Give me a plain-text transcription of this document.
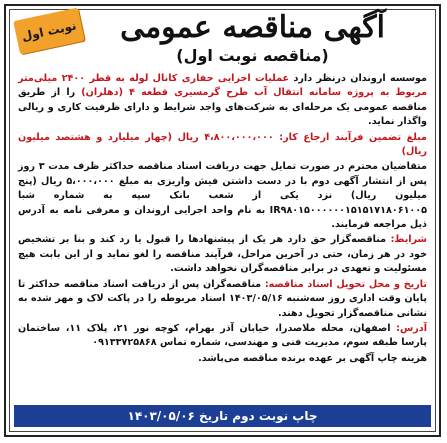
نوبت اول	آگهی مناقصه عمومی
(مناقصه نوبت اول)

موسسه اروندان درنظر دارد عملیات اجرایی حفاری کانال لوله به قطر ۲۴۰۰ میلی‌متر مربوط به پروژه سامانه انتقال آب طرح گرمسیری قطعه ۴ (دهلران) را از طریق مناقصه عمومی یک مرحله‌ای به شرکت‌های واجد شرایط و دارای ظرفیت کاری و ریالی واگذار نماید.

مبلغ تضمین فرآیند ارجاع کار: ۴،۸۰۰،۰۰۰،۰۰۰ ریال (چهار میلیارد و هشتصد میلیون ریال)

متقاضیان محترم در صورت تمایل جهت دریافت اسناد مناقصه حداکثر ظرف مدت ۳ روز پس از انتشار آگهی دوم با در دست داشتن فیش واریزی به مبلغ ۵،۰۰۰،۰۰۰ ریال (پنج میلیون ریال) نزد یکی از شعب بانک سپه به شماره شبا IR۹۸۰۱۵۰۰۰۰۰۰۱۵۱۵۱۷۱۸۰۶۱۰۰۵ به نام واحد اجرایی اروندان و معرفی نامه به آدرس ذیل مراجعه فرمایند.

شرایط: مناقصه‌گزار حق دارد هر یک از پیشنهادها را قبول یا رد کند و بنا بر تشخیص خود در هر زمان، حتی در آخرین مراحل، فرآیند مناقصه را لغو نماید و از این بابت هیچ مسئولیت و تعهدی در برابر مناقصه‌گران نخواهد داشت.

تاریخ و محل تحویل اسناد مناقصه: مناقصه‌گران پس از دریافت اسناد مناقصه حداکثر تا پایان وقت اداری روز سه‌شنبه ۱۴۰۳/۰۵/۱۶ اسناد مربوطه را در پاکت لاک و مهر شده به نشانی مناقصه‌گزار تحویل دهند.

آدرس: اصفهان، محله ملاصدرا، خیابان آذر بهرام، کوچه نور ۲۱، پلاک ۱۱، ساختمان پارسا طبقه سوم، مدیریت فنی و مهندسی، شماره تماس ۰۹۱۳۳۷۲۵۸۶۸

هزینه چاپ آگهی بر عهده برنده مناقصه می‌باشد.

چاپ نوبت دوم تاریخ ۱۴۰۳/۰۵/۰۶
